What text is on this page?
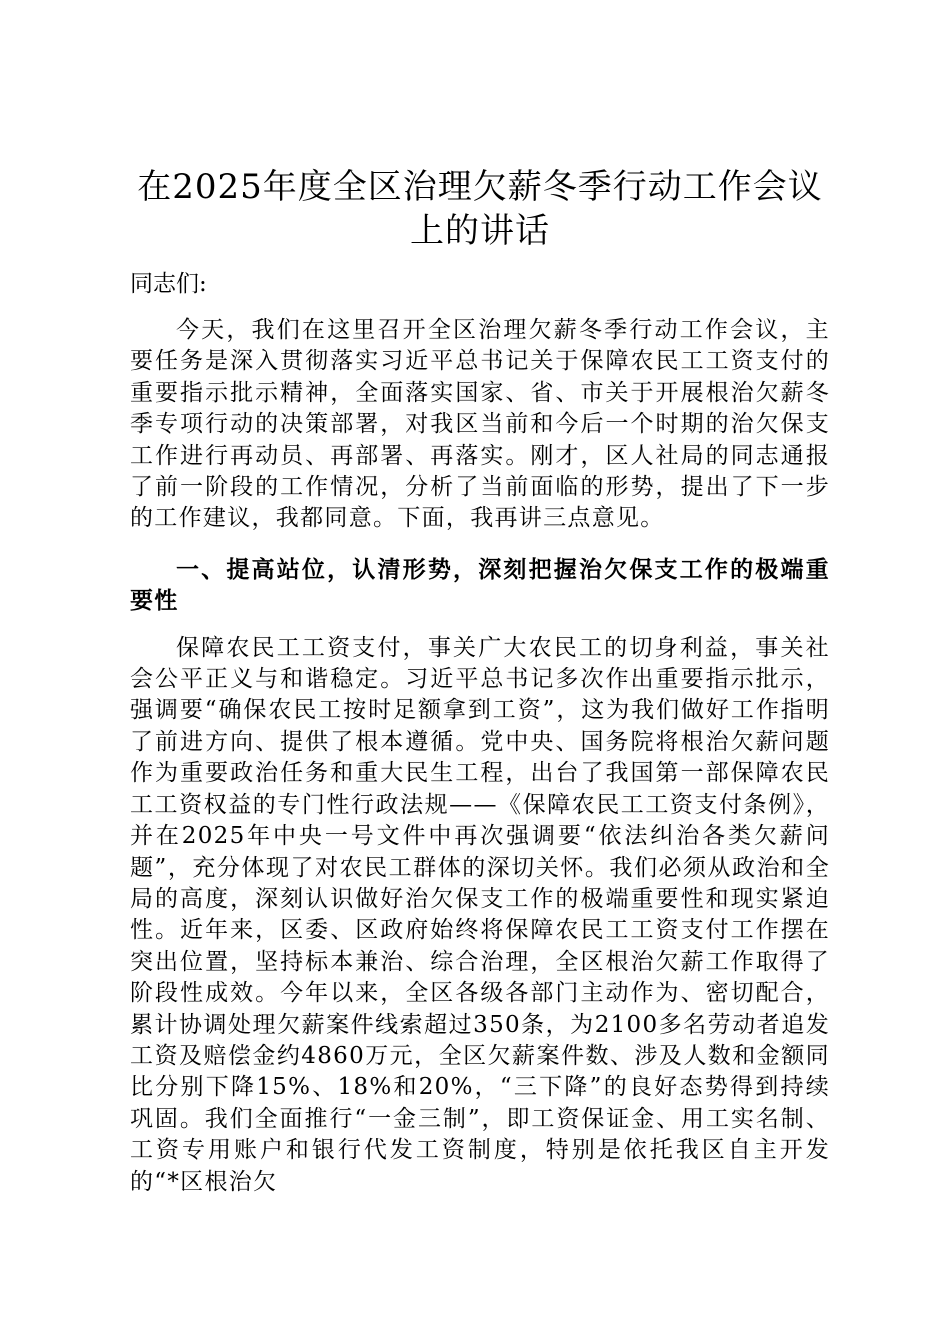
在2025年度全区治理欠薪冬季行动工作会议上的讲话

同志们:

今天，我们在这里召开全区治理欠薪冬季行动工作会议，主要任务是深入贯彻落实习近平总书记关于保障农民工工资支付的重要指示批示精神，全面落实国家、省、市关于开展根治欠薪冬季专项行动的决策部署，对我区当前和今后一个时期的治欠保支工作进行再动员、再部署、再落实。刚才，区人社局的同志通报了前一阶段的工作情况，分析了当前面临的形势，提出了下一步的工作建议，我都同意。下面，我再讲三点意见。

一、提高站位，认清形势，深刻把握治欠保支工作的极端重要性

保障农民工工资支付，事关广大农民工的切身利益，事关社会公平正义与和谐稳定。习近平总书记多次作出重要指示批示，强调要“确保农民工按时足额拿到工资”，这为我们做好工作指明了前进方向、提供了根本遵循。党中央、国务院将根治欠薪问题作为重要政治任务和重大民生工程，出台了我国第一部保障农民工工资权益的专门性行政法规——《保障农民工工资支付条例》，并在2025年中央一号文件中再次强调要“依法纠治各类欠薪问题”，充分体现了对农民工群体的深切关怀。我们必须从政治和全局的高度，深刻认识做好治欠保支工作的极端重要性和现实紧迫性。近年来，区委、区政府始终将保障农民工工资支付工作摆在突出位置，坚持标本兼治、综合治理，全区根治欠薪工作取得了阶段性成效。今年以来，全区各级各部门主动作为、密切配合，累计协调处理欠薪案件线索超过350条，为2100多名劳动者追发工资及赔偿金约4860万元，全区欠薪案件数、涉及人数和金额同比分别下降15%、18%和20%，“三下降”的良好态势得到持续巩固。我们全面推行“一金三制”，即工资保证金、用工实名制、工资专用账户和银行代发工资制度，特别是依托我区自主开发的“*区根治欠
